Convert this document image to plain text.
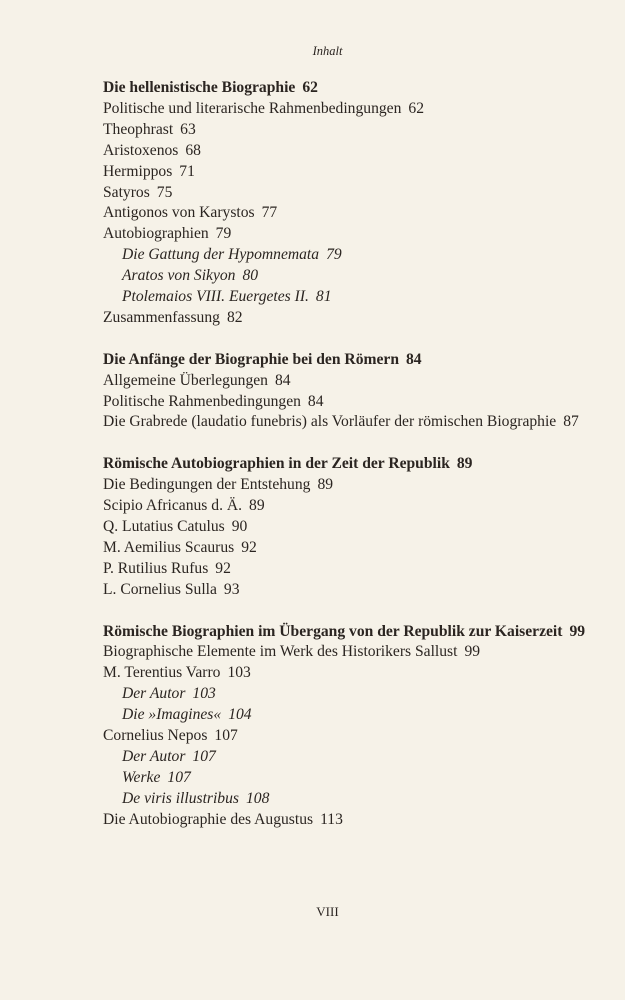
Inhalt
Die hellenistische Biographie 62
Politische und literarische Rahmenbedingungen 62
Theophrast 63
Aristoxenos 68
Hermippos 71
Satyros 75
Antigonos von Karystos 77
Autobiographien 79
Die Gattung der Hypomnemata 79
Aratos von Sikyon 80
Ptolemaios VIII. Euergetes II. 81
Zusammenfassung 82
Die Anfänge der Biographie bei den Römern 84
Allgemeine Überlegungen 84
Politische Rahmenbedingungen 84
Die Grabrede (laudatio funebris) als Vorläufer der römischen Biographie 87
Römische Autobiographien in der Zeit der Republik 89
Die Bedingungen der Entstehung 89
Scipio Africanus d. Ä. 89
Q. Lutatius Catulus 90
M. Aemilius Scaurus 92
P. Rutilius Rufus 92
L. Cornelius Sulla 93
Römische Biographien im Übergang von der Republik zur Kaiserzeit 99
Biographische Elemente im Werk des Historikers Sallust 99
M. Terentius Varro 103
Der Autor 103
Die »Imagines« 104
Cornelius Nepos 107
Der Autor 107
Werke 107
De viris illustribus 108
Die Autobiographie des Augustus 113
VIII
